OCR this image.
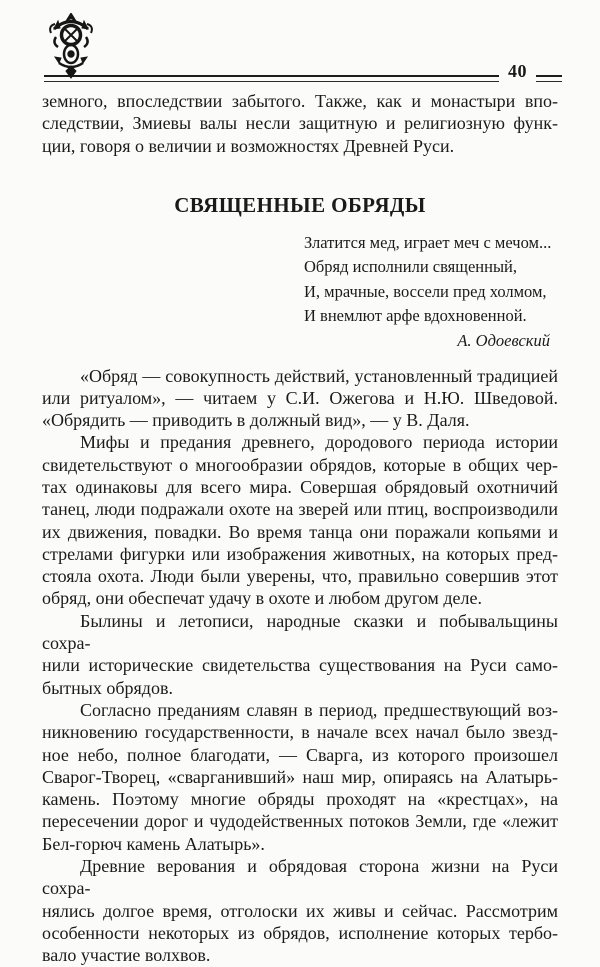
40
земного, впоследствии забытого. Также, как и монастыри впо-
следствии, Змиевы валы несли защитную и религиозную функ-
ции, говоря о величии и возможностях Древней Руси.
СВЯЩЕННЫЕ ОБРЯДЫ
Златится мед, играет меч с мечом...
Обряд исполнили священный,
И, мрачные, воссели пред холмом,
И внемлют арфе вдохновенной.
А. Одоевский
«Обряд — совокупность действий, установленный традицией
или ритуалом», — читаем у С.И. Ожегова и Н.Ю. Шведовой.
«Обрядить — приводить в должный вид», — у В. Даля.
Мифы и предания древнего, дородового периода истории
свидетельствуют о многообразии обрядов, которые в общих чер-
тах одинаковы для всего мира. Совершая обрядовый охотничий
танец, люди подражали охоте на зверей или птиц, воспроизводили
их движения, повадки. Во время танца они поражали копьями и
стрелами фигурки или изображения животных, на которых пред-
стояла охота. Люди были уверены, что, правильно совершив этот
обряд, они обеспечат удачу в охоте и любом другом деле.
Былины и летописи, народные сказки и побывальщины сохра-
нили исторические свидетельства существования на Руси само-
бытных обрядов.
Согласно преданиям славян в период, предшествующий воз-
никновению государственности, в начале всех начал было звезд-
ное небо, полное благодати, — Сварга, из которого произошел
Сварог-Творец, «сварганивший» наш мир, опираясь на Алатырь-
камень. Поэтому многие обряды проходят на «крестцах», на
пересечении дорог и чудодейственных потоков Земли, где «лежит
Бел-горюч камень Алатырь».
Древние верования и обрядовая сторона жизни на Руси сохра-
нялись долгое время, отголоски их живы и сейчас. Рассмотрим
особенности некоторых из обрядов, исполнение которых тербо-
вало участие волхвов.
